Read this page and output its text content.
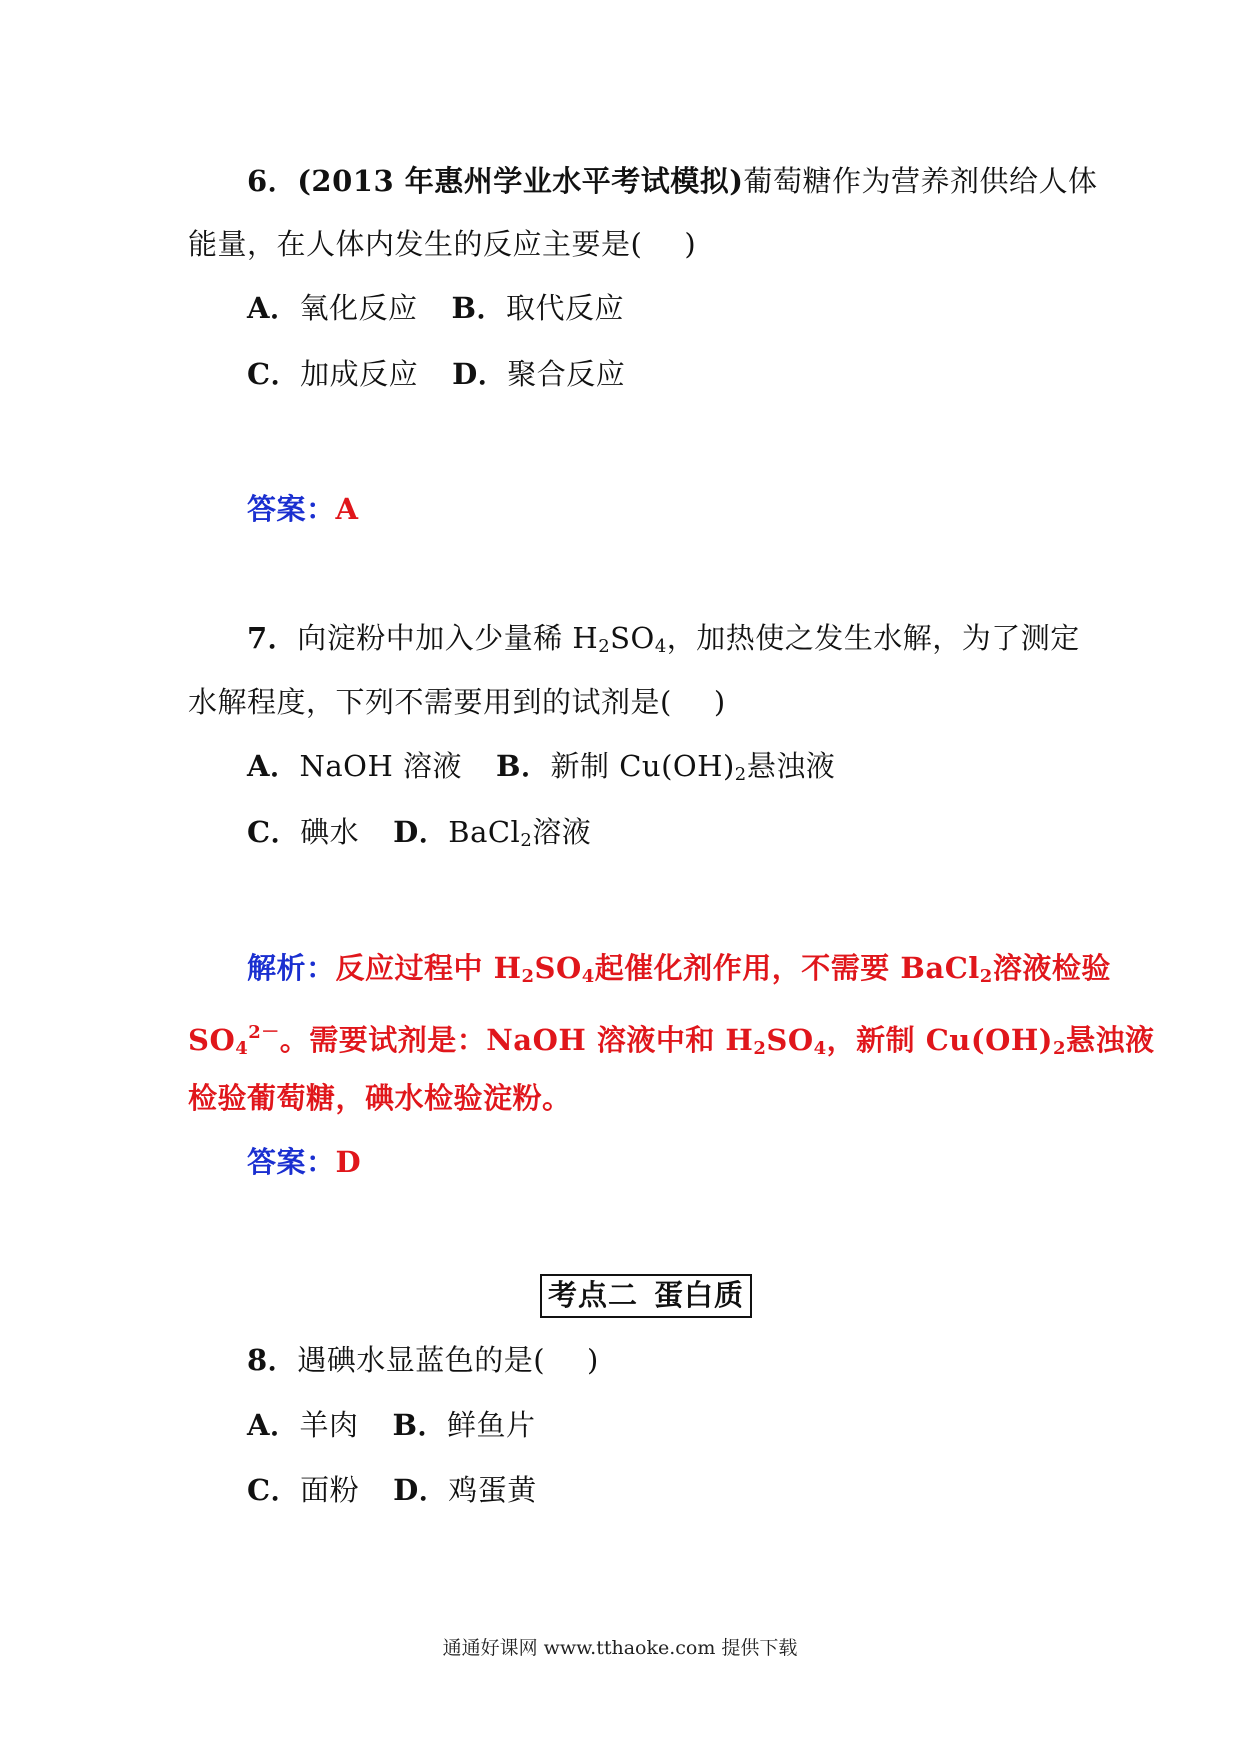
6．(2013 年惠州学业水平考试模拟)葡萄糖作为营养剂供给人体
能量，在人体内发生的反应主要是( )
A．氧化反应 B．取代反应
C．加成反应 D．聚合反应
答案：A
7．向淀粉中加入少量稀 $H_2SO_4$，加热使之发生水解，为了测定
水解程度，下列不需要用到的试剂是( )
A．NaOH 溶液 B．新制 $Cu(OH)_2$悬浊液
C．碘水 D．BaCl$_2$溶液
解析：反应过程中 $H_2SO_4$起催化剂作用，不需要 BaCl$_2$溶液检验
$SO_4^{2-}$。需要试剂是：NaOH 溶液中和 $H_2SO_4$，新制 $Cu(OH)_2$悬浊液
检验葡萄糖，碘水检验淀粉。
答案：D
考点二 蛋白质
8．遇碘水显蓝色的是( )
A．羊肉 B．鲜鱼片
C．面粉 D．鸡蛋黄
通通好课网 www.tthaoke.com 提供下载
